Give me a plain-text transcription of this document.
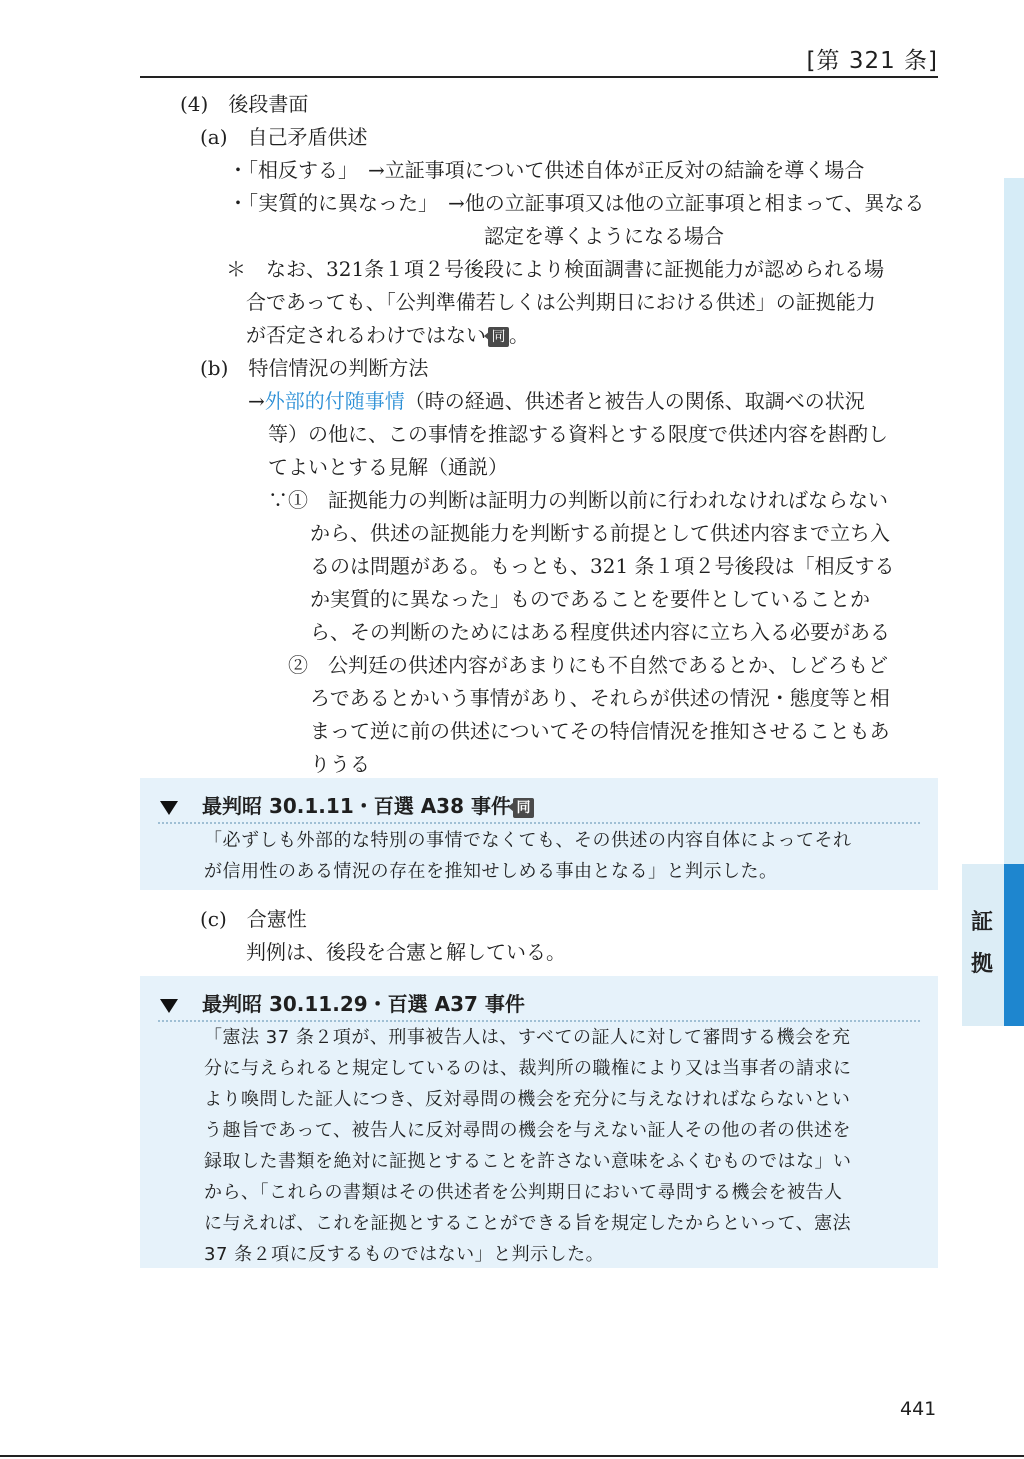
[第 321 条]
証拠
(4)　後段書面
(a)　自己矛盾供述
・「相反する」　→立証事項について供述自体が正反対の結論を導く場合
・「実質的に異なった」　→他の立証事項又は他の立証事項と相まって、異なる
認定を導くようになる場合
＊　なお、321条１項２号後段により検面調書に証拠能力が認められる場
合であっても、「公判準備若しくは公判期日における供述」の証拠能力
が否定されるわけではない 同 。
(b)　特信情況の判断方法
→外部的付随事情（時の経過、供述者と被告人の関係、取調べの状況
等）の他に、この事情を推認する資料とする限度で供述内容を斟酌し
てよいとする見解（通説）
∵①　証拠能力の判断は証明力の判断以前に行われなければならない
から、供述の証拠能力を判断する前提として供述内容まで立ち入
るのは問題がある。もっとも、321 条１項２号後段は「相反する
か実質的に異なった」ものであることを要件としていることか
ら、その判断のためにはある程度供述内容に立ち入る必要がある
②　公判廷の供述内容があまりにも不自然であるとか、しどろもど
ろであるとかいう事情があり、それらが供述の情況・態度等と相
まって逆に前の供述についてその特信情況を推知させることもあ
りうる
最判昭 30.1.11・百選 A38 事件 同
「必ずしも外部的な特別の事情でなくても、その供述の内容自体によってそれ
が信用性のある情況の存在を推知せしめる事由となる」と判示した。
(c)　合憲性
判例は、後段を合憲と解している。
最判昭 30.11.29・百選 A37 事件
「憲法 37 条２項が、刑事被告人は、すべての証人に対して審問する機会を充
分に与えられると規定しているのは、裁判所の職権により又は当事者の請求に
より喚問した証人につき、反対尋問の機会を充分に与えなければならないとい
う趣旨であって、被告人に反対尋問の機会を与えない証人その他の者の供述を
録取した書類を絶対に証拠とすることを許さない意味をふくむものではな」い
から、「これらの書類はその供述者を公判期日において尋問する機会を被告人
に与えれば、これを証拠とすることができる旨を規定したからといって、憲法
37 条２項に反するものではない」と判示した。
441
